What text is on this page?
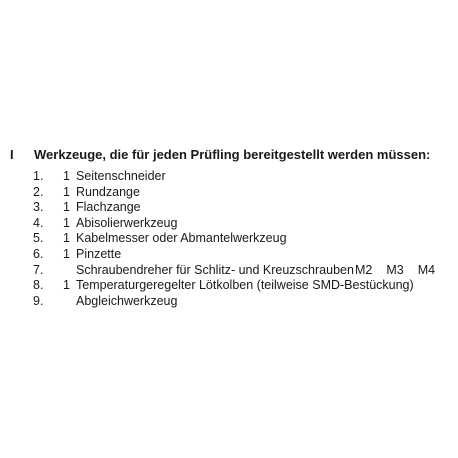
I Werkzeuge, die für jeden Prüfling bereitgestellt werden müssen:
1.	1 Seitenschneider
2.	1 Rundzange
3.	1 Flachzange
4.	1 Abisolierwerkzeug
5.	1 Kabelmesser oder Abmantelwerkzeug
6.	1 Pinzette
7.	Schraubendreher für Schlitz- und Kreuzschrauben M2 M3 M4
8.	1 Temperaturgeregelter Lötkolben (teilweise SMD-Bestückung)
9.	Abgleichwerkzeug
